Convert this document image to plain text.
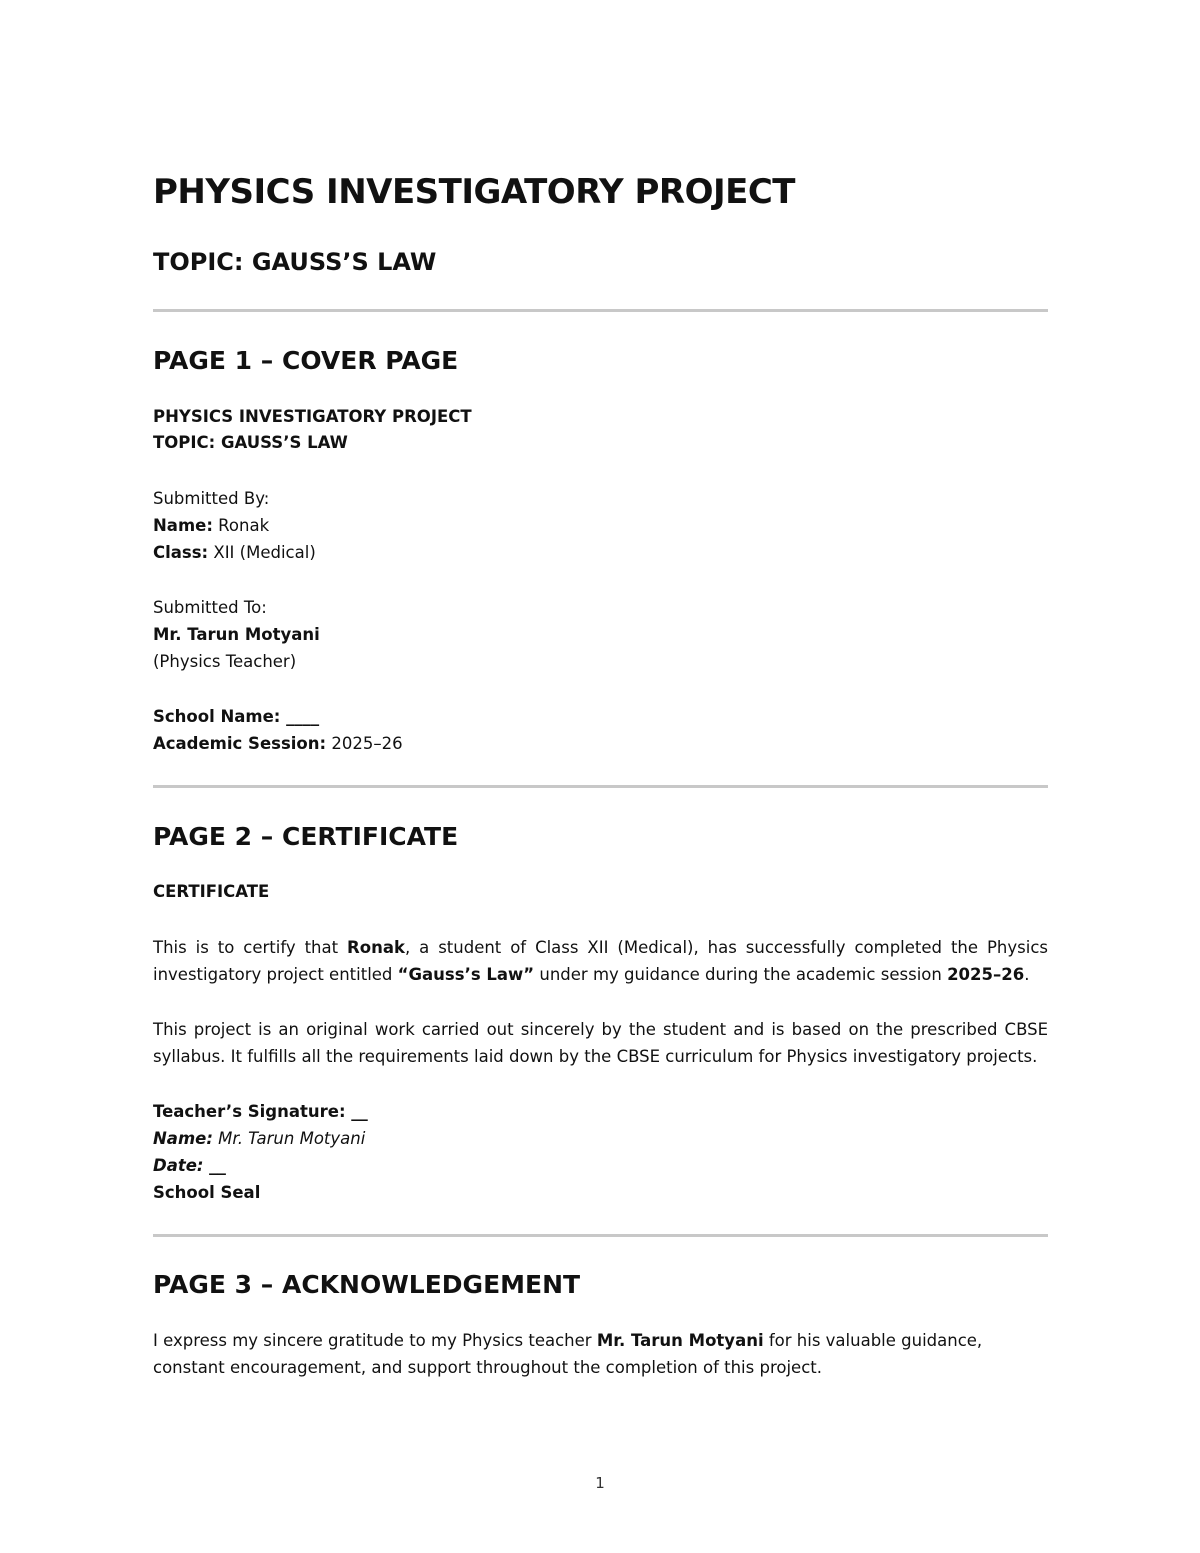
PHYSICS INVESTIGATORY PROJECT
TOPIC: GAUSS’S LAW
PAGE 1 – COVER PAGE
PHYSICS INVESTIGATORY PROJECT
TOPIC: GAUSS’S LAW
Submitted By:
Name: Ronak
Class: XII (Medical)
Submitted To:
Mr. Tarun Motyani
(Physics Teacher)
School Name: ____
Academic Session: 2025–26
PAGE 2 – CERTIFICATE
CERTIFICATE

This is to certify that Ronak, a student of Class XII (Medical), has successfully completed the Physics investigatory project entitled “Gauss’s Law” under my guidance during the academic session 2025–26.

This project is an original work carried out sincerely by the student and is based on the prescribed CBSE syllabus. It fulfills all the requirements laid down by the CBSE curriculum for Physics investigatory projects.

Teacher’s Signature: __
Name: Mr. Tarun Motyani
Date: __
School Seal
PAGE 3 – ACKNOWLEDGEMENT

I express my sincere gratitude to my Physics teacher Mr. Tarun Motyani for his valuable guidance, constant encouragement, and support throughout the completion of this project.

1
